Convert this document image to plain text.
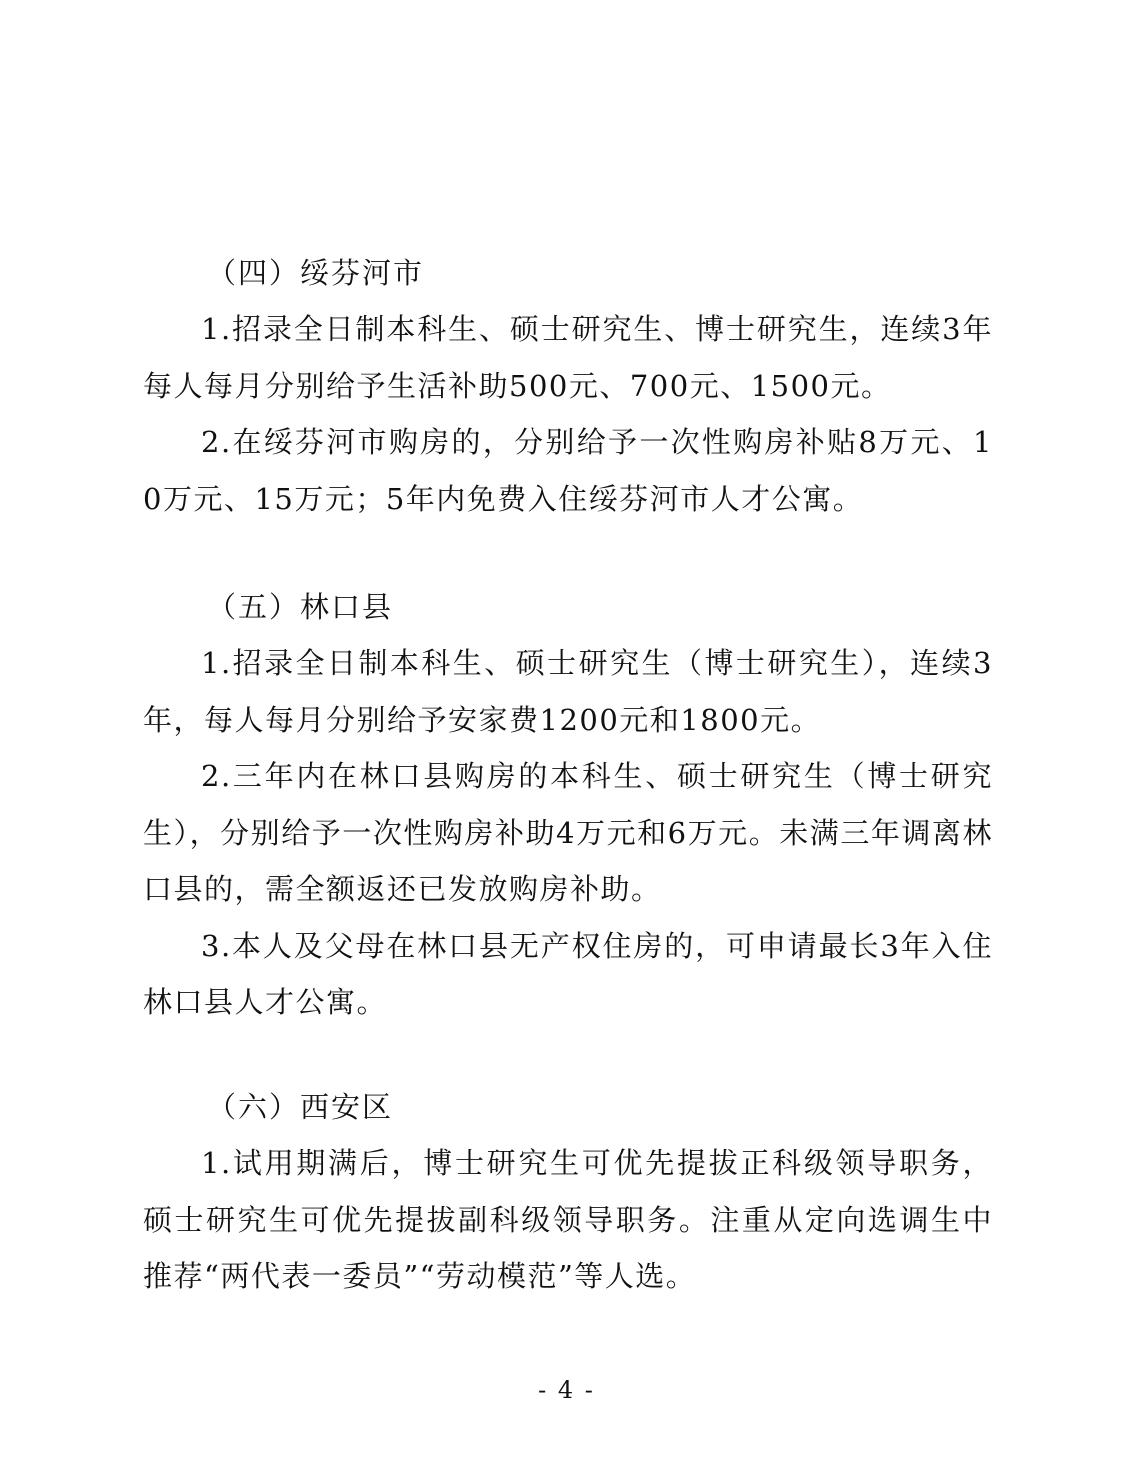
（四）绥芬河市
1.招录全日制本科生、硕士研究生、博士研究生，连续3年每人每月分别给予生活补助500元、700元、1500元。
2.在绥芬河市购房的，分别给予一次性购房补贴8万元、10万元、15万元；5年内免费入住绥芬河市人才公寓。
（五）林口县
1.招录全日制本科生、硕士研究生（博士研究生），连续3年，每人每月分别给予安家费1200元和1800元。
2.三年内在林口县购房的本科生、硕士研究生（博士研究生），分别给予一次性购房补助4万元和6万元。未满三年调离林口县的，需全额返还已发放购房补助。
3.本人及父母在林口县无产权住房的，可申请最长3年入住林口县人才公寓。
（六）西安区
1.试用期满后，博士研究生可优先提拔正科级领导职务，硕士研究生可优先提拔副科级领导职务。注重从定向选调生中推荐“两代表一委员”“劳动模范”等人选。
- 4 -
